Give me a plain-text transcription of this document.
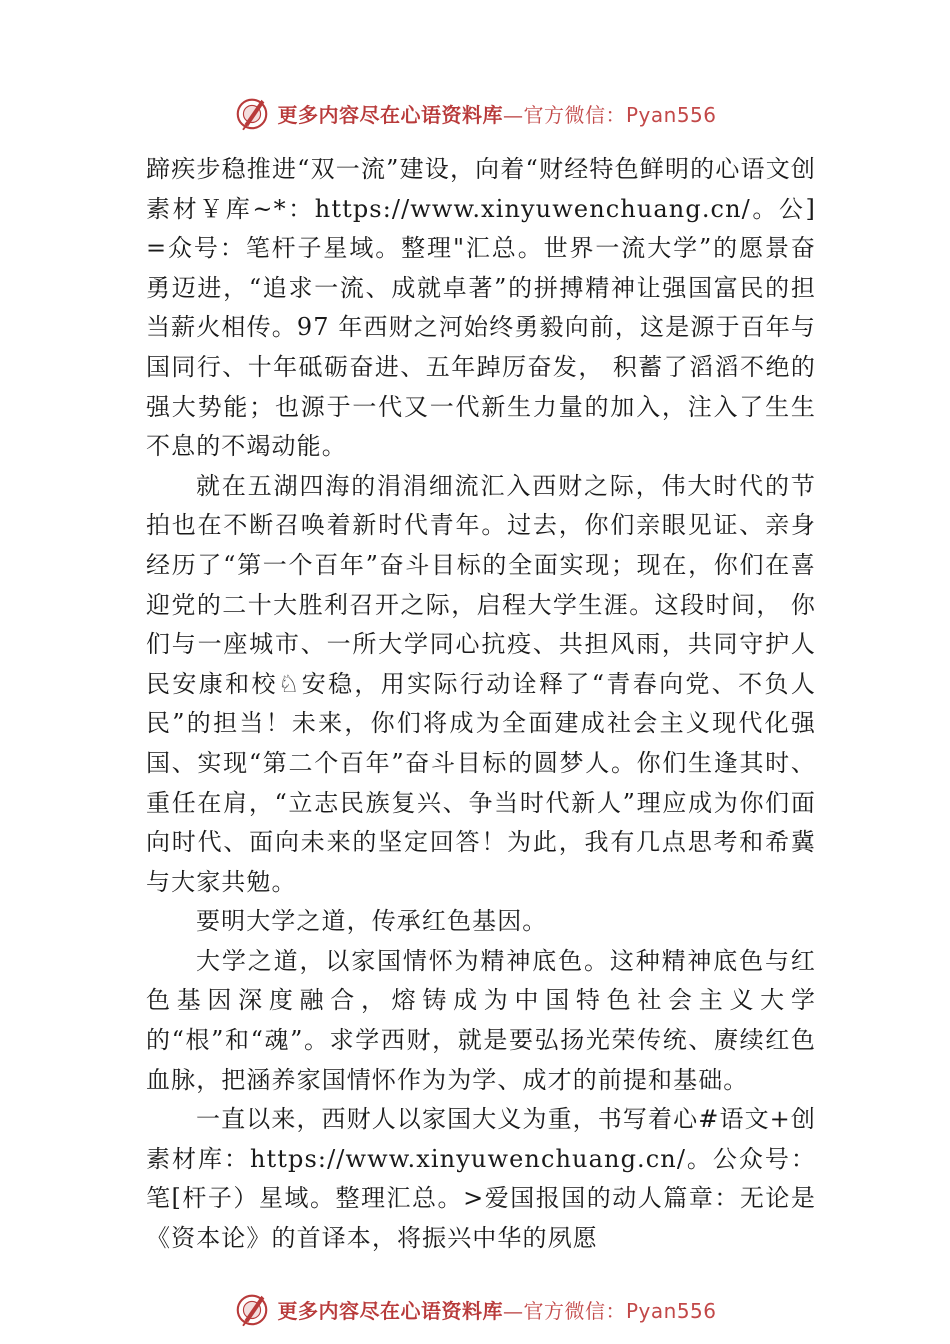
更多内容尽在心语资料库—官方微信：Pyan556

蹄疾步稳推进“双一流”建设，向着“财经特色鲜明的心语文创素材￥库~*：https://www.xinyuwenchuang.cn/。公]=众号：笔杆子星域。整理"汇总。世界一流大学”的愿景奋勇迈进，“追求一流、成就卓著”的拼搏精神让强国富民的担当薪火相传。97 年西财之河始终勇毅向前，这是源于百年与国同行、十年砥砺奋进、五年踔厉奋发， 积蓄了滔滔不绝的强大势能；也源于一代又一代新生力量的加入，注入了生生不息的不竭动能。

就在五湖四海的涓涓细流汇入西财之际，伟大时代的节拍也在不断召唤着新时代青年。过去，你们亲眼见证、亲身经历了“第一个百年”奋斗目标的全面实现；现在，你们在喜迎党的二十大胜利召开之际，启程大学生涯。这段时间， 你们与一座城市、一所大学同心抗疫、共担风雨，共同守护人民安康和校♘安稳，用实际行动诠释了“青春向党、不负人民”的担当！未来，你们将成为全面建成社会主义现代化强国、实现“第二个百年”奋斗目标的圆梦人。你们生逢其时、重任在肩，“立志民族复兴、争当时代新人”理应成为你们面向时代、面向未来的坚定回答！为此，我有几点思考和希冀与大家共勉。

要明大学之道，传承红色基因。

大学之道，以家国情怀为精神底色。这种精神底色与红色基因深度融合，熔铸成为中国特色社会主义大学的“根”和“魂”。求学西财，就是要弘扬光荣传统、赓续红色血脉，把涵养家国情怀作为为学、成才的前提和基础。

一直以来，西财人以家国大义为重，书写着心#语文+创素材库：https://www.xinyuwenchuang.cn/。公众号：笔[杆子）星域。整理汇总。>爱国报国的动人篇章：无论是《资本论》的首译本，将振兴中华的夙愿

更多内容尽在心语资料库—官方微信：Pyan556
